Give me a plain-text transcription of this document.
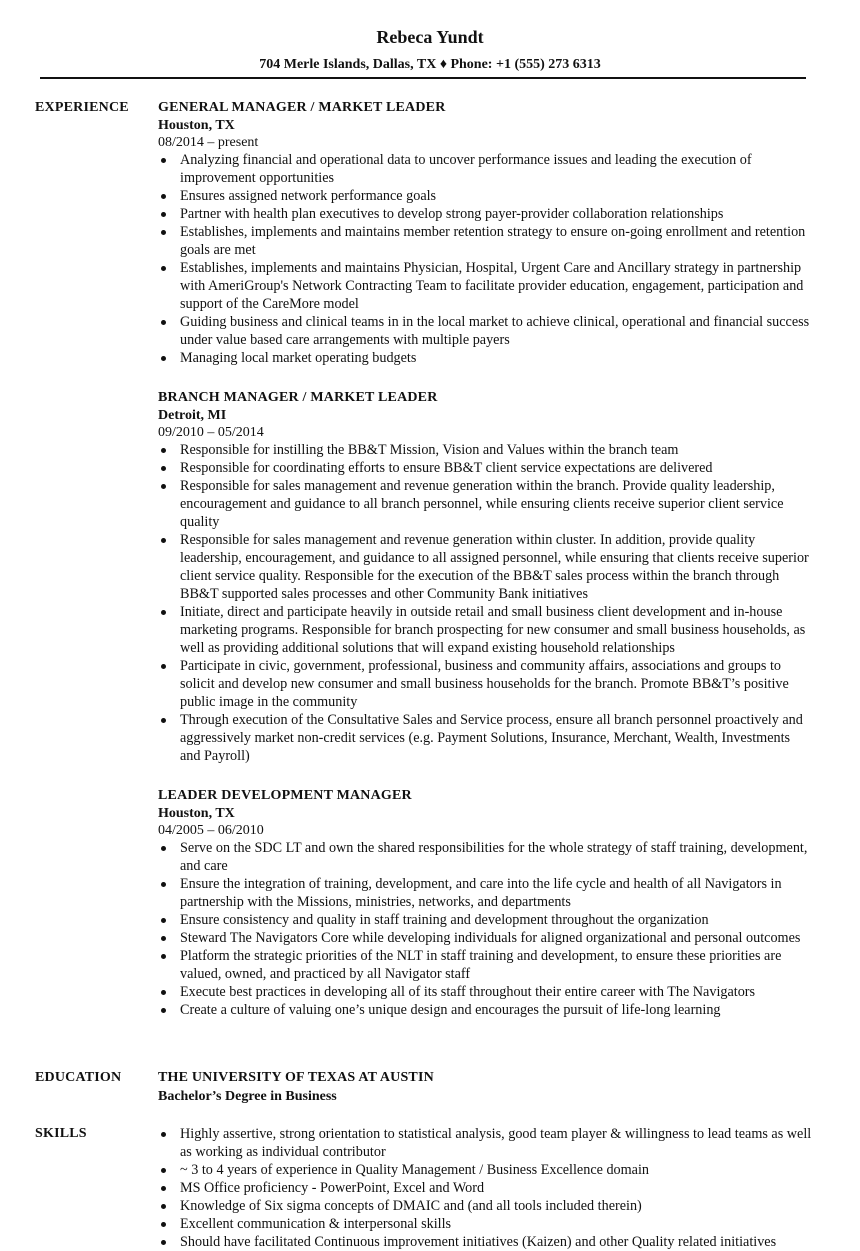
Rebeca Yundt
704 Merle Islands, Dallas, TX ♦ Phone: +1 (555) 273 6313
EXPERIENCE	GENERAL MANAGER / MARKET LEADER
Houston, TX
08/2014 – present
Analyzing financial and operational data to uncover performance issues and leading the execution of improvement opportunities
Ensures assigned network performance goals
Partner with health plan executives to develop strong payer-provider collaboration relationships
Establishes, implements and maintains member retention strategy to ensure on-going enrollment and retention goals are met
Establishes, implements and maintains Physician, Hospital, Urgent Care and Ancillary strategy in partnership with AmeriGroup's Network Contracting Team to facilitate provider education, engagement, participation and support of the CareMore model
Guiding business and clinical teams in in the local market to achieve clinical, operational and financial success under value based care arrangements with multiple payers
Managing local market operating budgets
BRANCH MANAGER / MARKET LEADER
Detroit, MI
09/2010 – 05/2014
Responsible for instilling the BB&T Mission, Vision and Values within the branch team
Responsible for coordinating efforts to ensure BB&T client service expectations are delivered
Responsible for sales management and revenue generation within the branch. Provide quality leadership, encouragement and guidance to all branch personnel, while ensuring clients receive superior client service quality
Responsible for sales management and revenue generation within cluster. In addition, provide quality leadership, encouragement, and guidance to all assigned personnel, while ensuring that clients receive superior client service quality. Responsible for the execution of the BB&T sales process within the branch through BB&T supported sales processes and other Community Bank initiatives
Initiate, direct and participate heavily in outside retail and small business client development and in-house marketing programs. Responsible for branch prospecting for new consumer and small business households, as well as providing additional solutions that will expand existing household relationships
Participate in civic, government, professional, business and community affairs, associations and groups to solicit and develop new consumer and small business households for the branch. Promote BB&T’s positive public image in the community
Through execution of the Consultative Sales and Service process, ensure all branch personnel proactively and aggressively market non-credit services (e.g. Payment Solutions, Insurance, Merchant, Wealth, Investments and Payroll)
LEADER DEVELOPMENT MANAGER
Houston, TX
04/2005 – 06/2010
Serve on the SDC LT and own the shared responsibilities for the whole strategy of staff training, development, and care
Ensure the integration of training, development, and care into the life cycle and health of all Navigators in partnership with the Missions, ministries, networks, and departments
Ensure consistency and quality in staff training and development throughout the organization
Steward The Navigators Core while developing individuals for aligned organizational and personal outcomes
Platform the strategic priorities of the NLT in staff training and development, to ensure these priorities are valued, owned, and practiced by all Navigator staff
Execute best practices in developing all of its staff throughout their entire career with The Navigators
Create a culture of valuing one’s unique design and encourages the pursuit of life-long learning
EDUCATION	THE UNIVERSITY OF TEXAS AT AUSTIN
Bachelor’s Degree in Business
SKILLS	Highly assertive, strong orientation to statistical analysis, good team player & willingness to lead teams as well as working as individual contributor
~ 3 to 4 years of experience in Quality Management / Business Excellence domain
MS Office proficiency - PowerPoint, Excel and Word
Knowledge of Six sigma concepts of DMAIC and (and all tools included therein)
Excellent communication & interpersonal skills
Should have facilitated Continuous improvement initiatives (Kaizen) and other Quality related initiatives
